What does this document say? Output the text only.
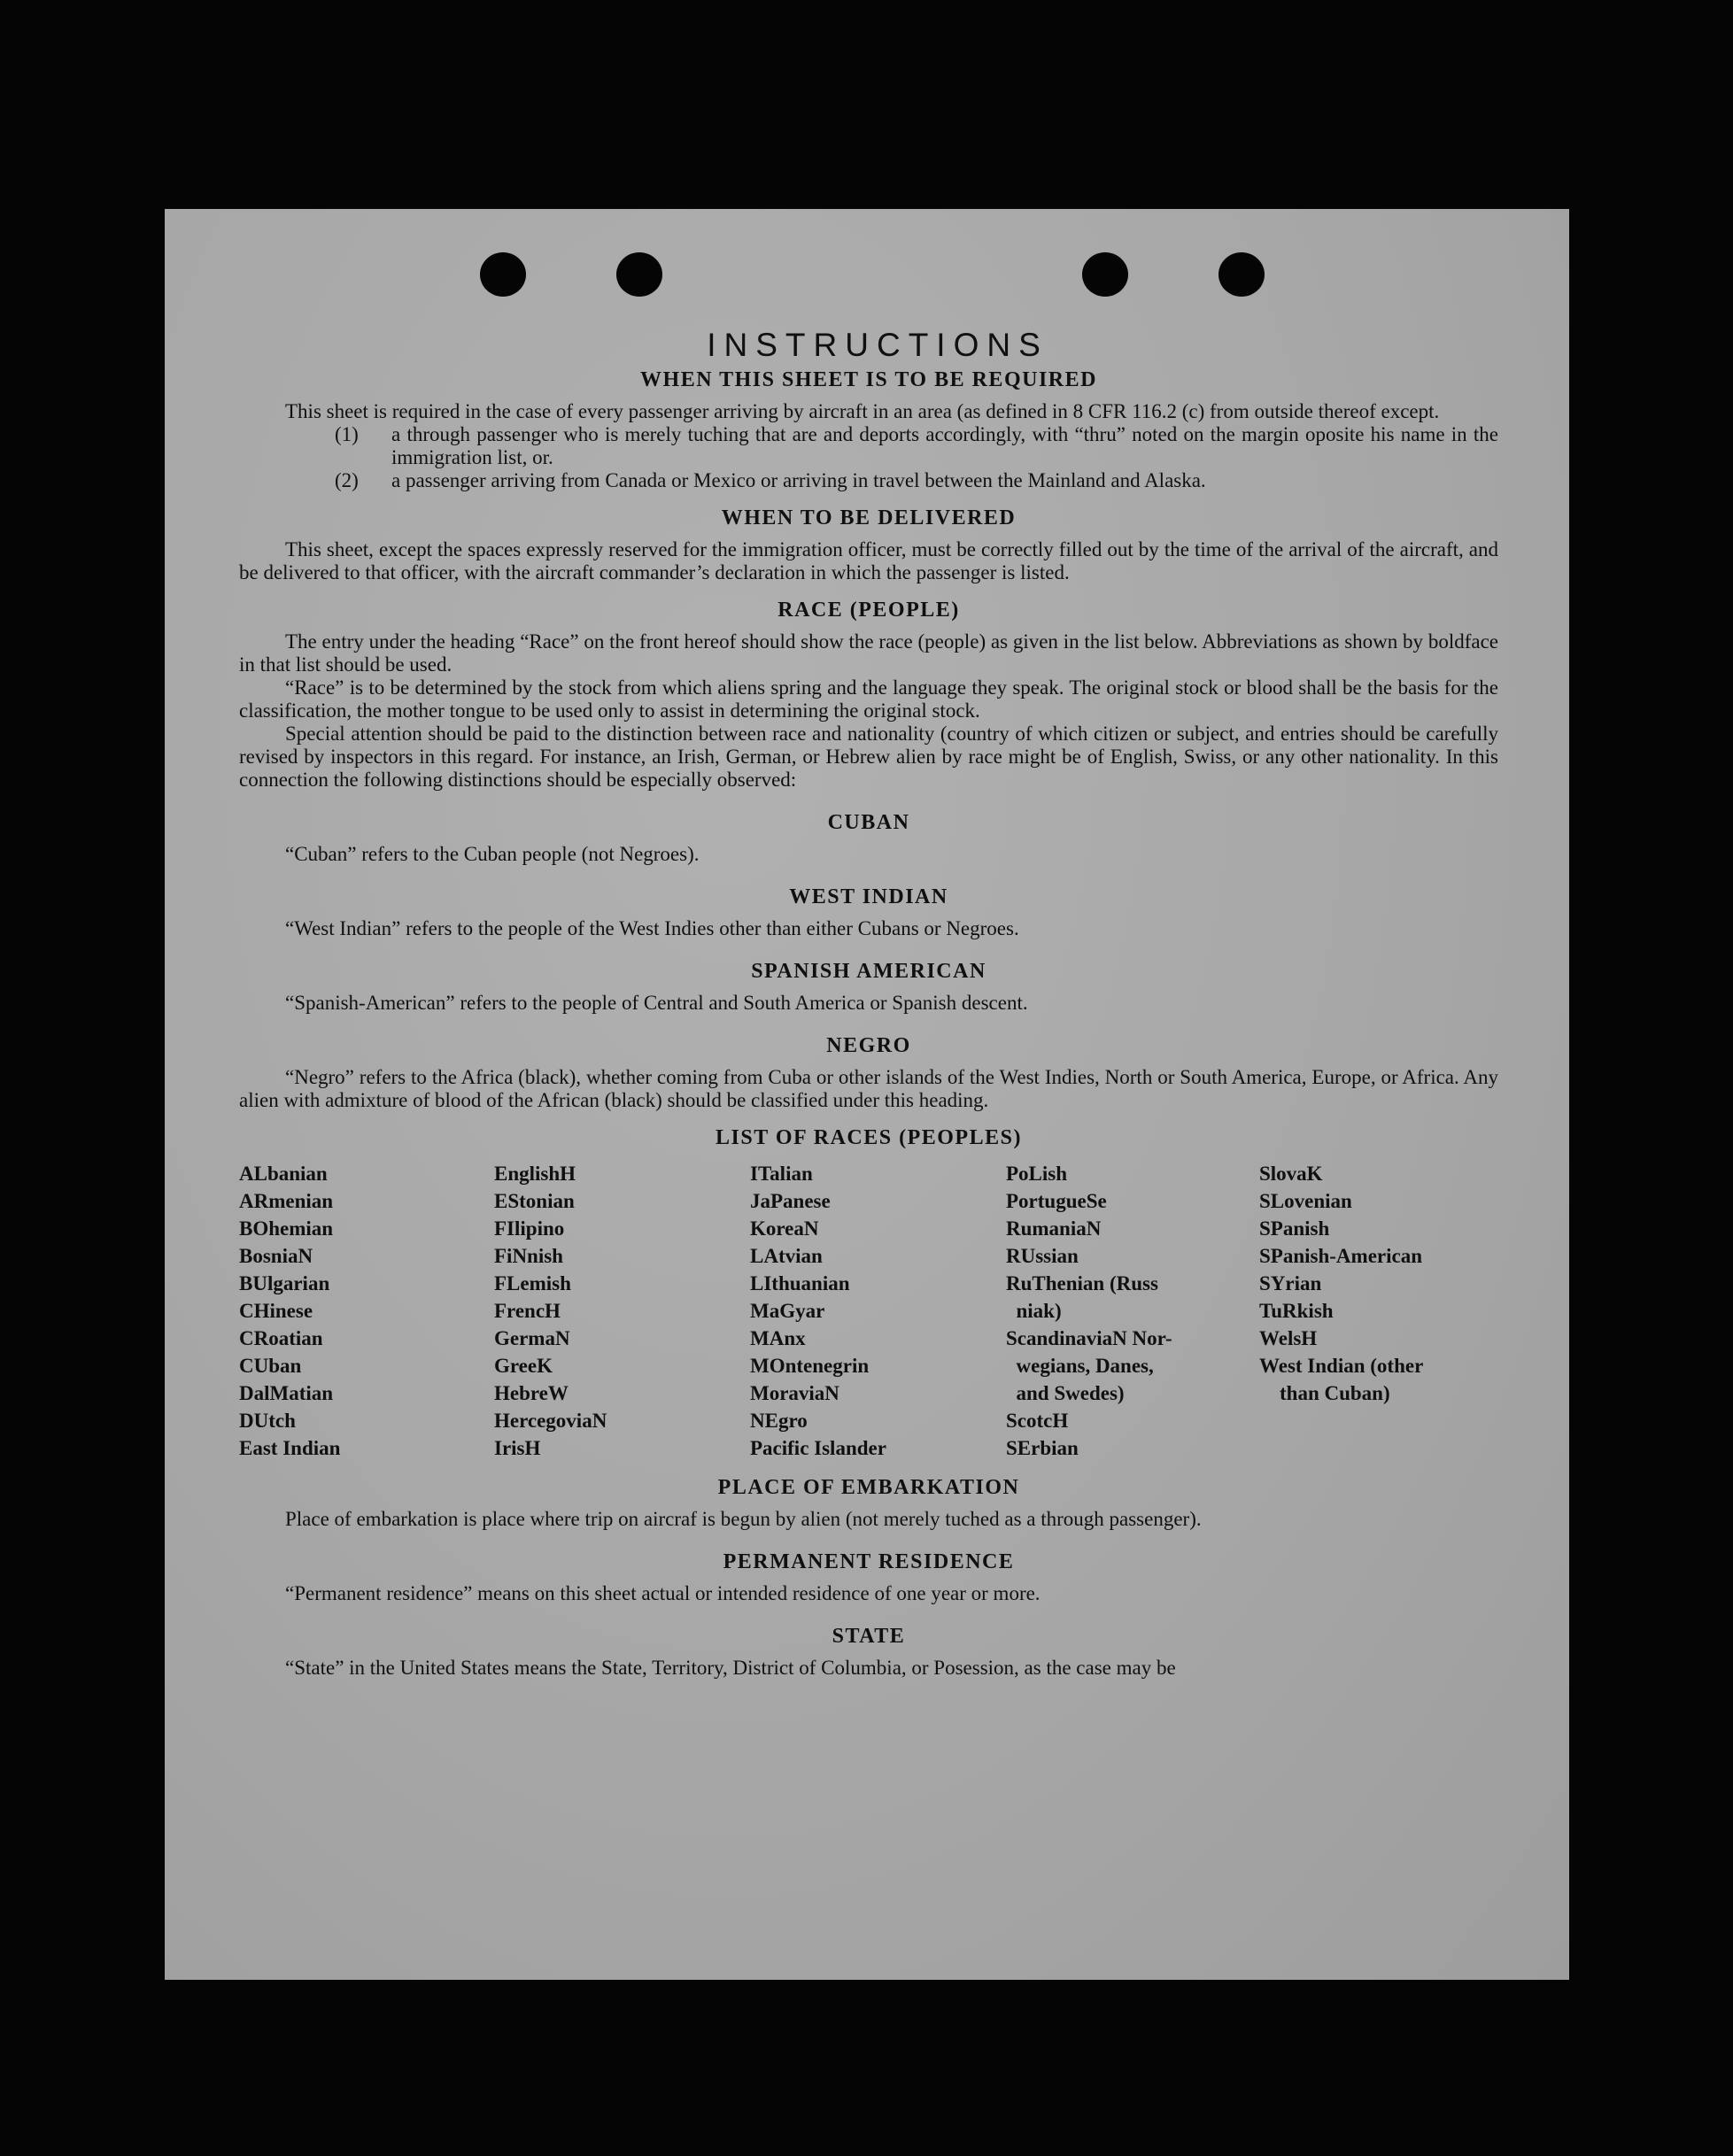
INSTRUCTIONS
WHEN THIS SHEET IS TO BE REQUIRED

This sheet is required in the case of every passenger arriving by aircraft in an area (as defined in 8 CFR 116.2 (c) from outside thereof except.

(1)	a through passenger who is merely tuching that are and deports accordingly, with “thru” noted on the margin oposite his name in the immigration list, or.
(2)	a passenger arriving from Canada or Mexico or arriving in travel between the Mainland and Alaska.
WHEN TO BE DELIVERED

This sheet, except the spaces expressly reserved for the immigration officer, must be correctly filled out by the time of the arrival of the aircraft, and be delivered to that officer, with the aircraft commander’s declaration in which the passenger is listed.

RACE (PEOPLE)

The entry under the heading “Race” on the front hereof should show the race (people) as given in the list below. Abbreviations as shown by boldface in that list should be used.

“Race” is to be determined by the stock from which aliens spring and the language they speak. The original stock or blood shall be the basis for the classification, the mother tongue to be used only to assist in determining the original stock.

Special attention should be paid to the distinction between race and nationality (country of which citizen or subject, and entries should be carefully revised by inspectors in this regard. For instance, an Irish, German, or Hebrew alien by race might be of English, Swiss, or any other nationality. In this connection the following distinctions should be especially observed:

CUBAN

“Cuban” refers to the Cuban people (not Negroes).

WEST INDIAN

“West Indian” refers to the people of the West Indies other than either Cubans or Negroes.

SPANISH AMERICAN

“Spanish-American” refers to the people of Central and South America or Spanish descent.

NEGRO

“Negro” refers to the Africa (black), whether coming from Cuba or other islands of the West Indies, North or South America, Europe, or Africa. Any alien with admixture of blood of the African (black) should be classified under this heading.

LIST OF RACES (PEOPLES)
ALbanian
ARmenian
BOhemian
BosniaN
BUlgarian
CHinese
CRoatian
CUban
DalMatian
DUtch
East Indian
EnglishH
EStonian
FIlipino
FiNnish
FLemish
FrencH
GermaN
GreeK
HebreW
HercegoviaN
IrisH
ITalian
JaPanese
KoreaN
LAtvian
LIthuanian
MaGyar
MAnx
MOntenegrin
MoraviaN
NEgro
Pacific Islander
PoLish
PortugueSe
RumaniaN
RUssian
RuThenian (Russ
 niak)
ScandinaviaN Nor-
 wegians, Danes,
 and Swedes)
ScotcH
SErbian
SlovaK
SLovenian
SPanish
SPanish-American
SYrian
TuRkish
WelsH
West Indian (other
 than Cuban)
PLACE OF EMBARKATION

Place of embarkation is place where trip on aircraf is begun by alien (not merely tuched as a through passenger).

PERMANENT RESIDENCE

“Permanent residence” means on this sheet actual or intended residence of one year or more.

STATE

“State” in the United States means the State, Territory, District of Columbia, or Posession, as the case may be
